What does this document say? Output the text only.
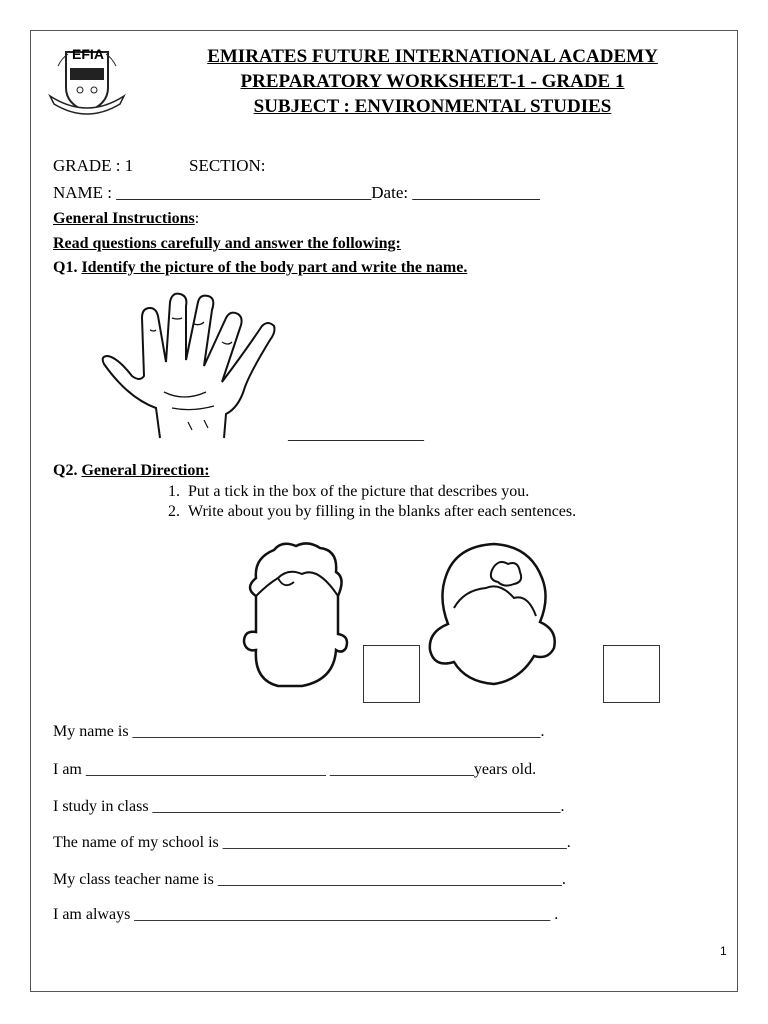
EFIA	EMIRATES FUTURE INTERNATIONAL ACADEMY
PREPARATORY WORKSHEET-1 - GRADE 1
SUBJECT : ENVIRONMENTAL STUDIES
GRADE : 1	SECTION:
NAME : ______________________________Date: _______________
General Instructions:
Read questions carefully and answer the following:
Q1. Identify the picture of the body part and write the name.
________________
Q2. General Direction:
1.  Put a tick in the box of the picture that describes you.
2.  Write about you by filling in the blanks after each sentences.
My name is ___________________________________________________.
I am ______________________________ __________________years old.
I study in class ___________________________________________________.
The name of my school is ___________________________________________.
My class teacher name is ___________________________________________.
I am always ____________________________________________________ .
1
